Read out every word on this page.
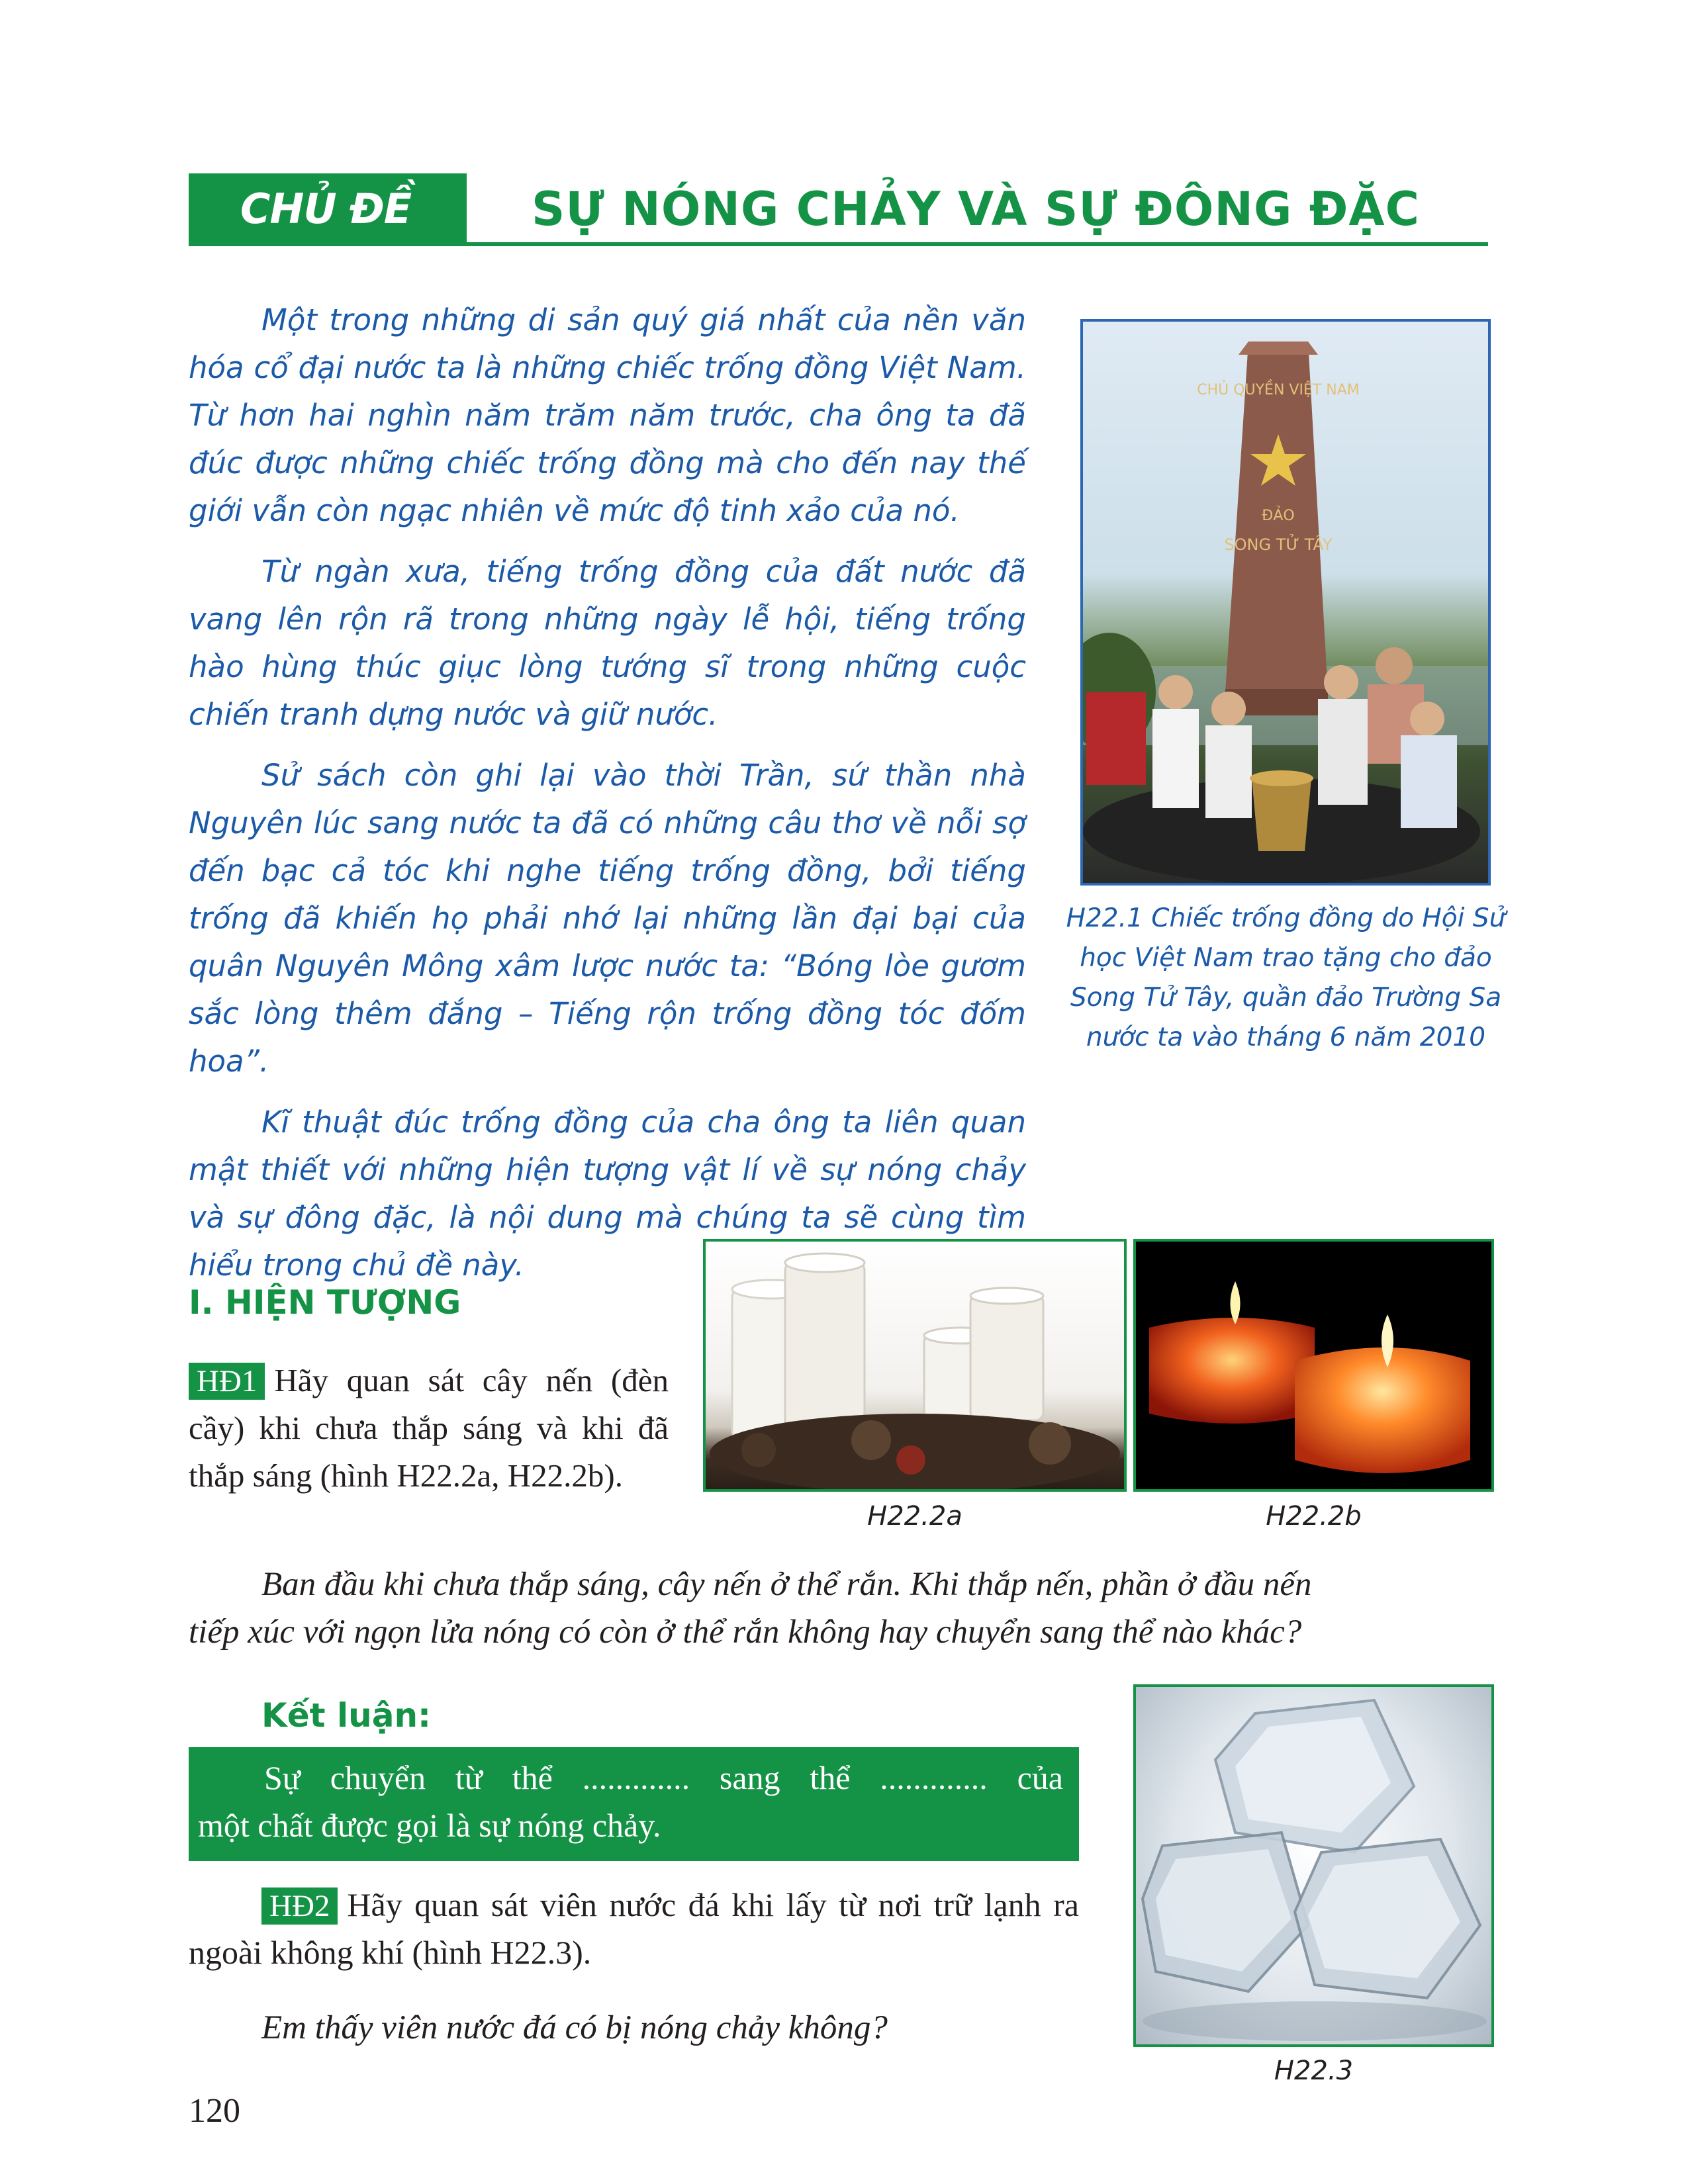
CHỦ ĐỀ 22
SỰ NÓNG CHẢY VÀ SỰ ĐÔNG ĐẶC

Một trong những di sản quý giá nhất của nền văn hóa cổ đại nước ta là những chiếc trống đồng Việt Nam. Từ hơn hai nghìn năm trăm năm trước, cha ông ta đã đúc được những chiếc trống đồng mà cho đến nay thế giới vẫn còn ngạc nhiên về mức độ tinh xảo của nó.

Từ ngàn xưa, tiếng trống đồng của đất nước đã vang lên rộn rã trong những ngày lễ hội, tiếng trống hào hùng thúc giục lòng tướng sĩ trong những cuộc chiến tranh dựng nước và giữ nước.

Sử sách còn ghi lại vào thời Trần, sứ thần nhà Nguyên lúc sang nước ta đã có những câu thơ về nỗi sợ đến bạc cả tóc khi nghe tiếng trống đồng, bởi tiếng trống đã khiến họ phải nhớ lại những lần đại bại của quân Nguyên Mông xâm lược nước ta: “Bóng lòe gươm sắc lòng thêm đắng – Tiếng rộn trống đồng tóc đốm hoa”.

Kĩ thuật đúc trống đồng của cha ông ta liên quan mật thiết với những hiện tượng vật lí về sự nóng chảy và sự đông đặc, là nội dung mà chúng ta sẽ cùng tìm hiểu trong chủ đề này.

CHỦ QUYỀN VIỆT NAM
ĐẢO
SONG TỬ TÂY
H22.1 Chiếc trống đồng do Hội Sử học Việt Nam trao tặng cho đảo Song Tử Tây, quần đảo Trường Sa nước ta vào tháng 6 năm 2010
I. HIỆN TƯỢNG
HĐ1 Hãy quan sát cây nến (đèn cầy) khi chưa thắp sáng và khi đã thắp sáng (hình H22.2a, H22.2b).
H22.2a	H22.2b
Ban đầu khi chưa thắp sáng, cây nến ở thể rắn. Khi thắp nến, phần ở đầu nến
tiếp xúc với ngọn lửa nóng có còn ở thể rắn không hay chuyển sang thể nào khác?
Kết luận:
Sự chuyển từ thể ............. sang thể ............. của
một chất được gọi là sự nóng chảy.
HĐ2 Hãy quan sát viên nước đá khi lấy từ nơi trữ lạnh ra ngoài không khí (hình H22.3).
Em thấy viên nước đá có bị nóng chảy không?
H22.3
120
